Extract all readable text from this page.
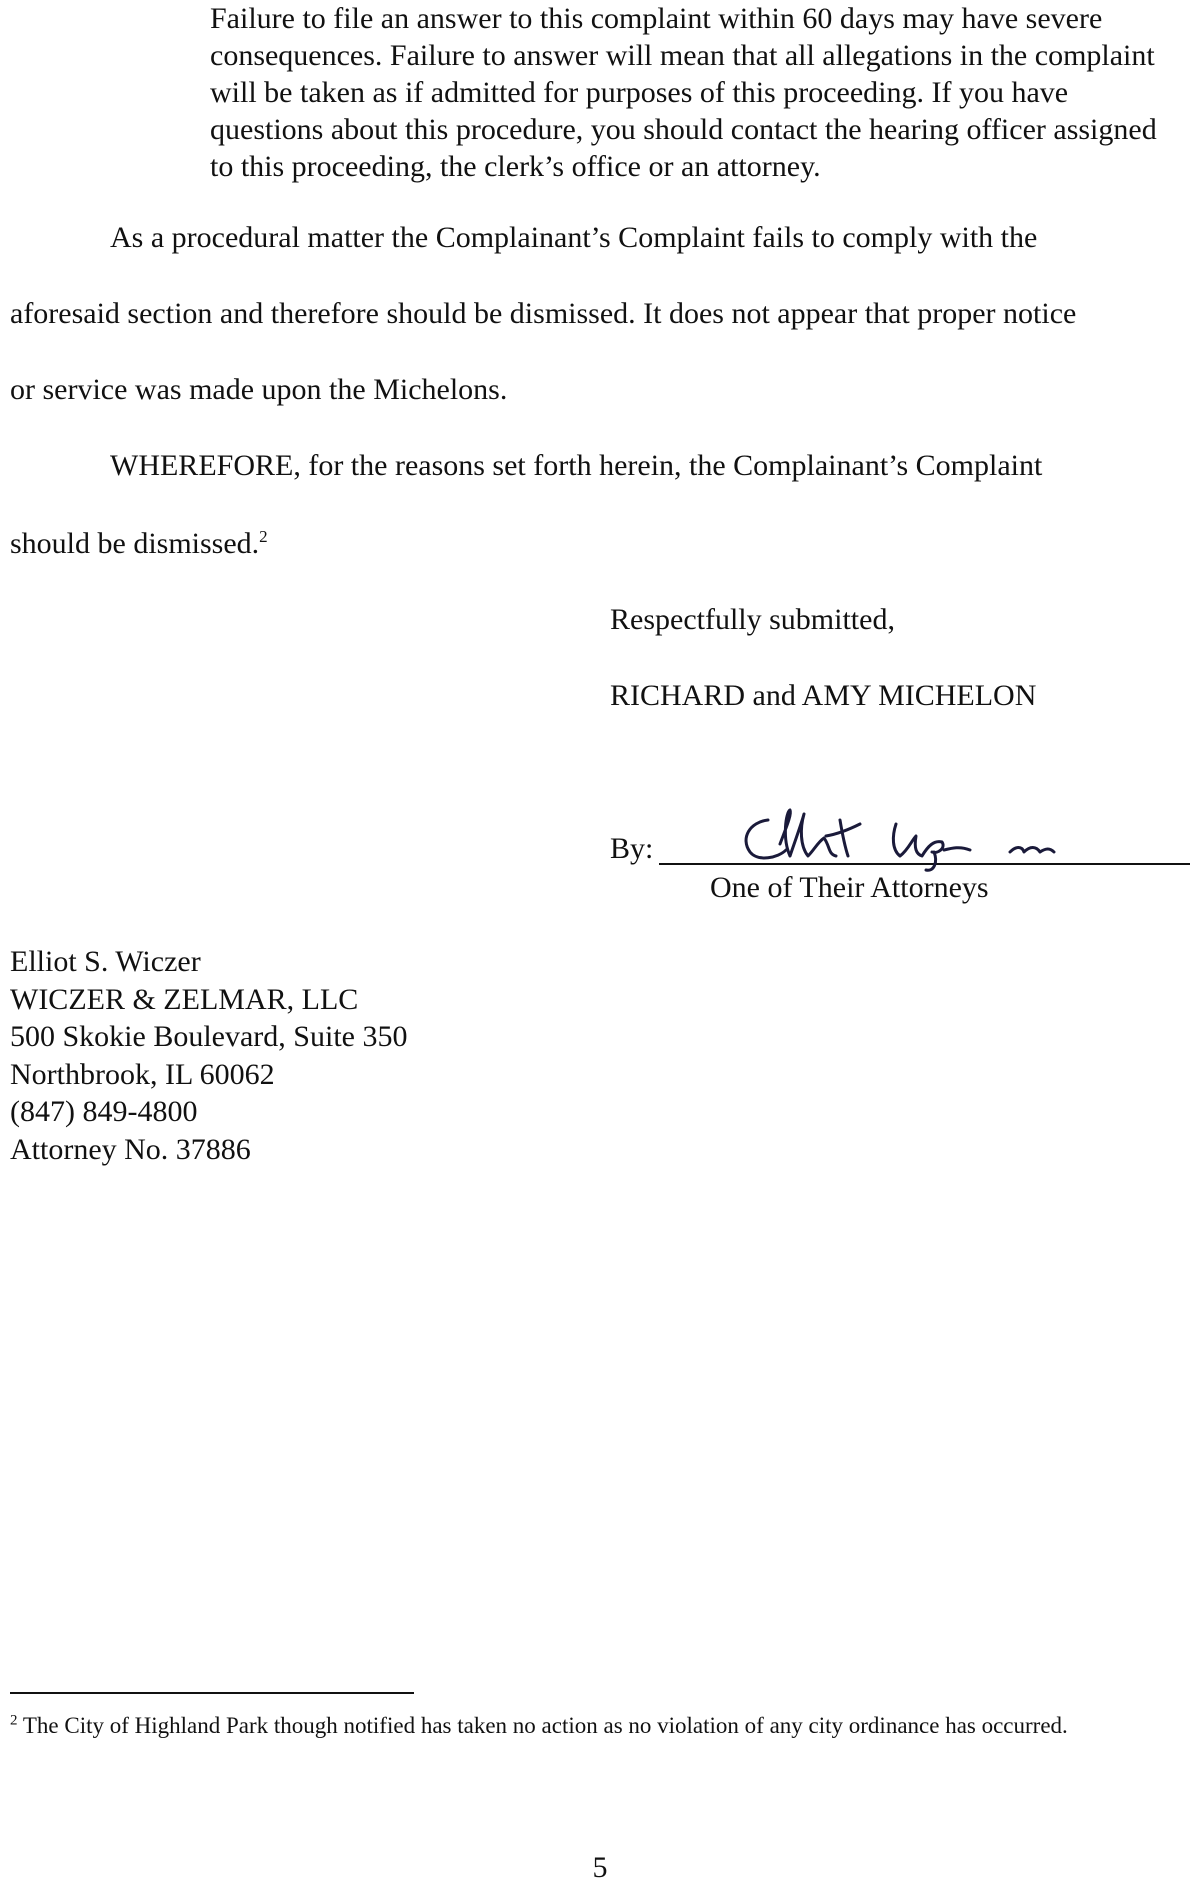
Failure to file an answer to this complaint within 60 days may have severe consequences. Failure to answer will mean that all allegations in the complaint will be taken as if admitted for purposes of this proceeding. If you have questions about this procedure, you should contact the hearing officer assigned to this proceeding, the clerk’s office or an attorney.

As a procedural matter the Complainant’s Complaint fails to comply with the
aforesaid section and therefore should be dismissed. It does not appear that proper notice
or service was made upon the Michelons.
WHEREFORE, for the reasons set forth herein, the Complainant’s Complaint
should be dismissed.$^2$
Respectfully submitted,
RICHARD and AMY MICHELON
By:
One of Their Attorneys
Elliot S. Wiczer
WICZER & ZELMAR, LLC
500 Skokie Boulevard, Suite 350
Northbrook, IL 60062
(847) 849-4800
Attorney No. 37886
$^2$ The City of Highland Park though notified has taken no action as no violation of any city ordinance has occurred.
5
